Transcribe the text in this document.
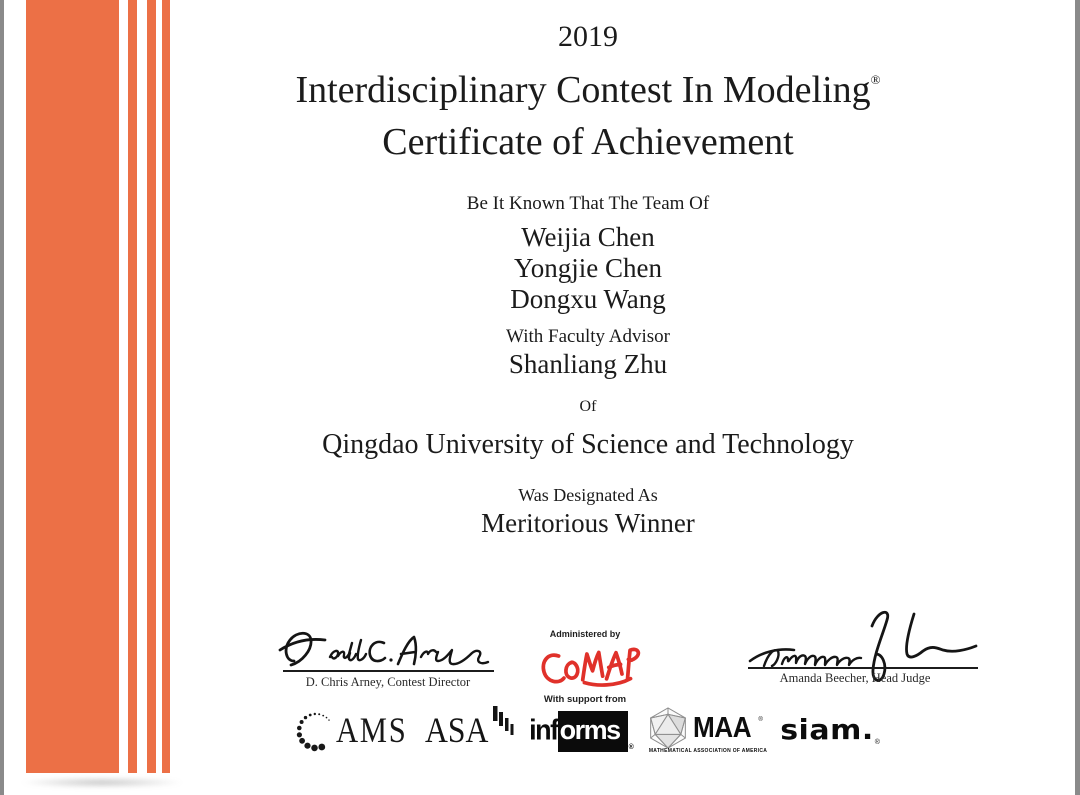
2019
Interdisciplinary Contest In Modeling®
Certificate of Achievement
Be It Known That The Team Of
Weijia Chen
Yongjie Chen
Dongxu Wang
With Faculty Advisor
Shanliang Zhu
Of
Qingdao University of Science and Technology
Was Designated As
Meritorious Winner
D. Chris Arney, Contest Director
Administered by
With support from
Amanda Beecher, Head Judge
AMS ASA inf orms
®
MAA ®
MATHEMATICAL ASSOCIATION OF AMERICA
siam. ®
